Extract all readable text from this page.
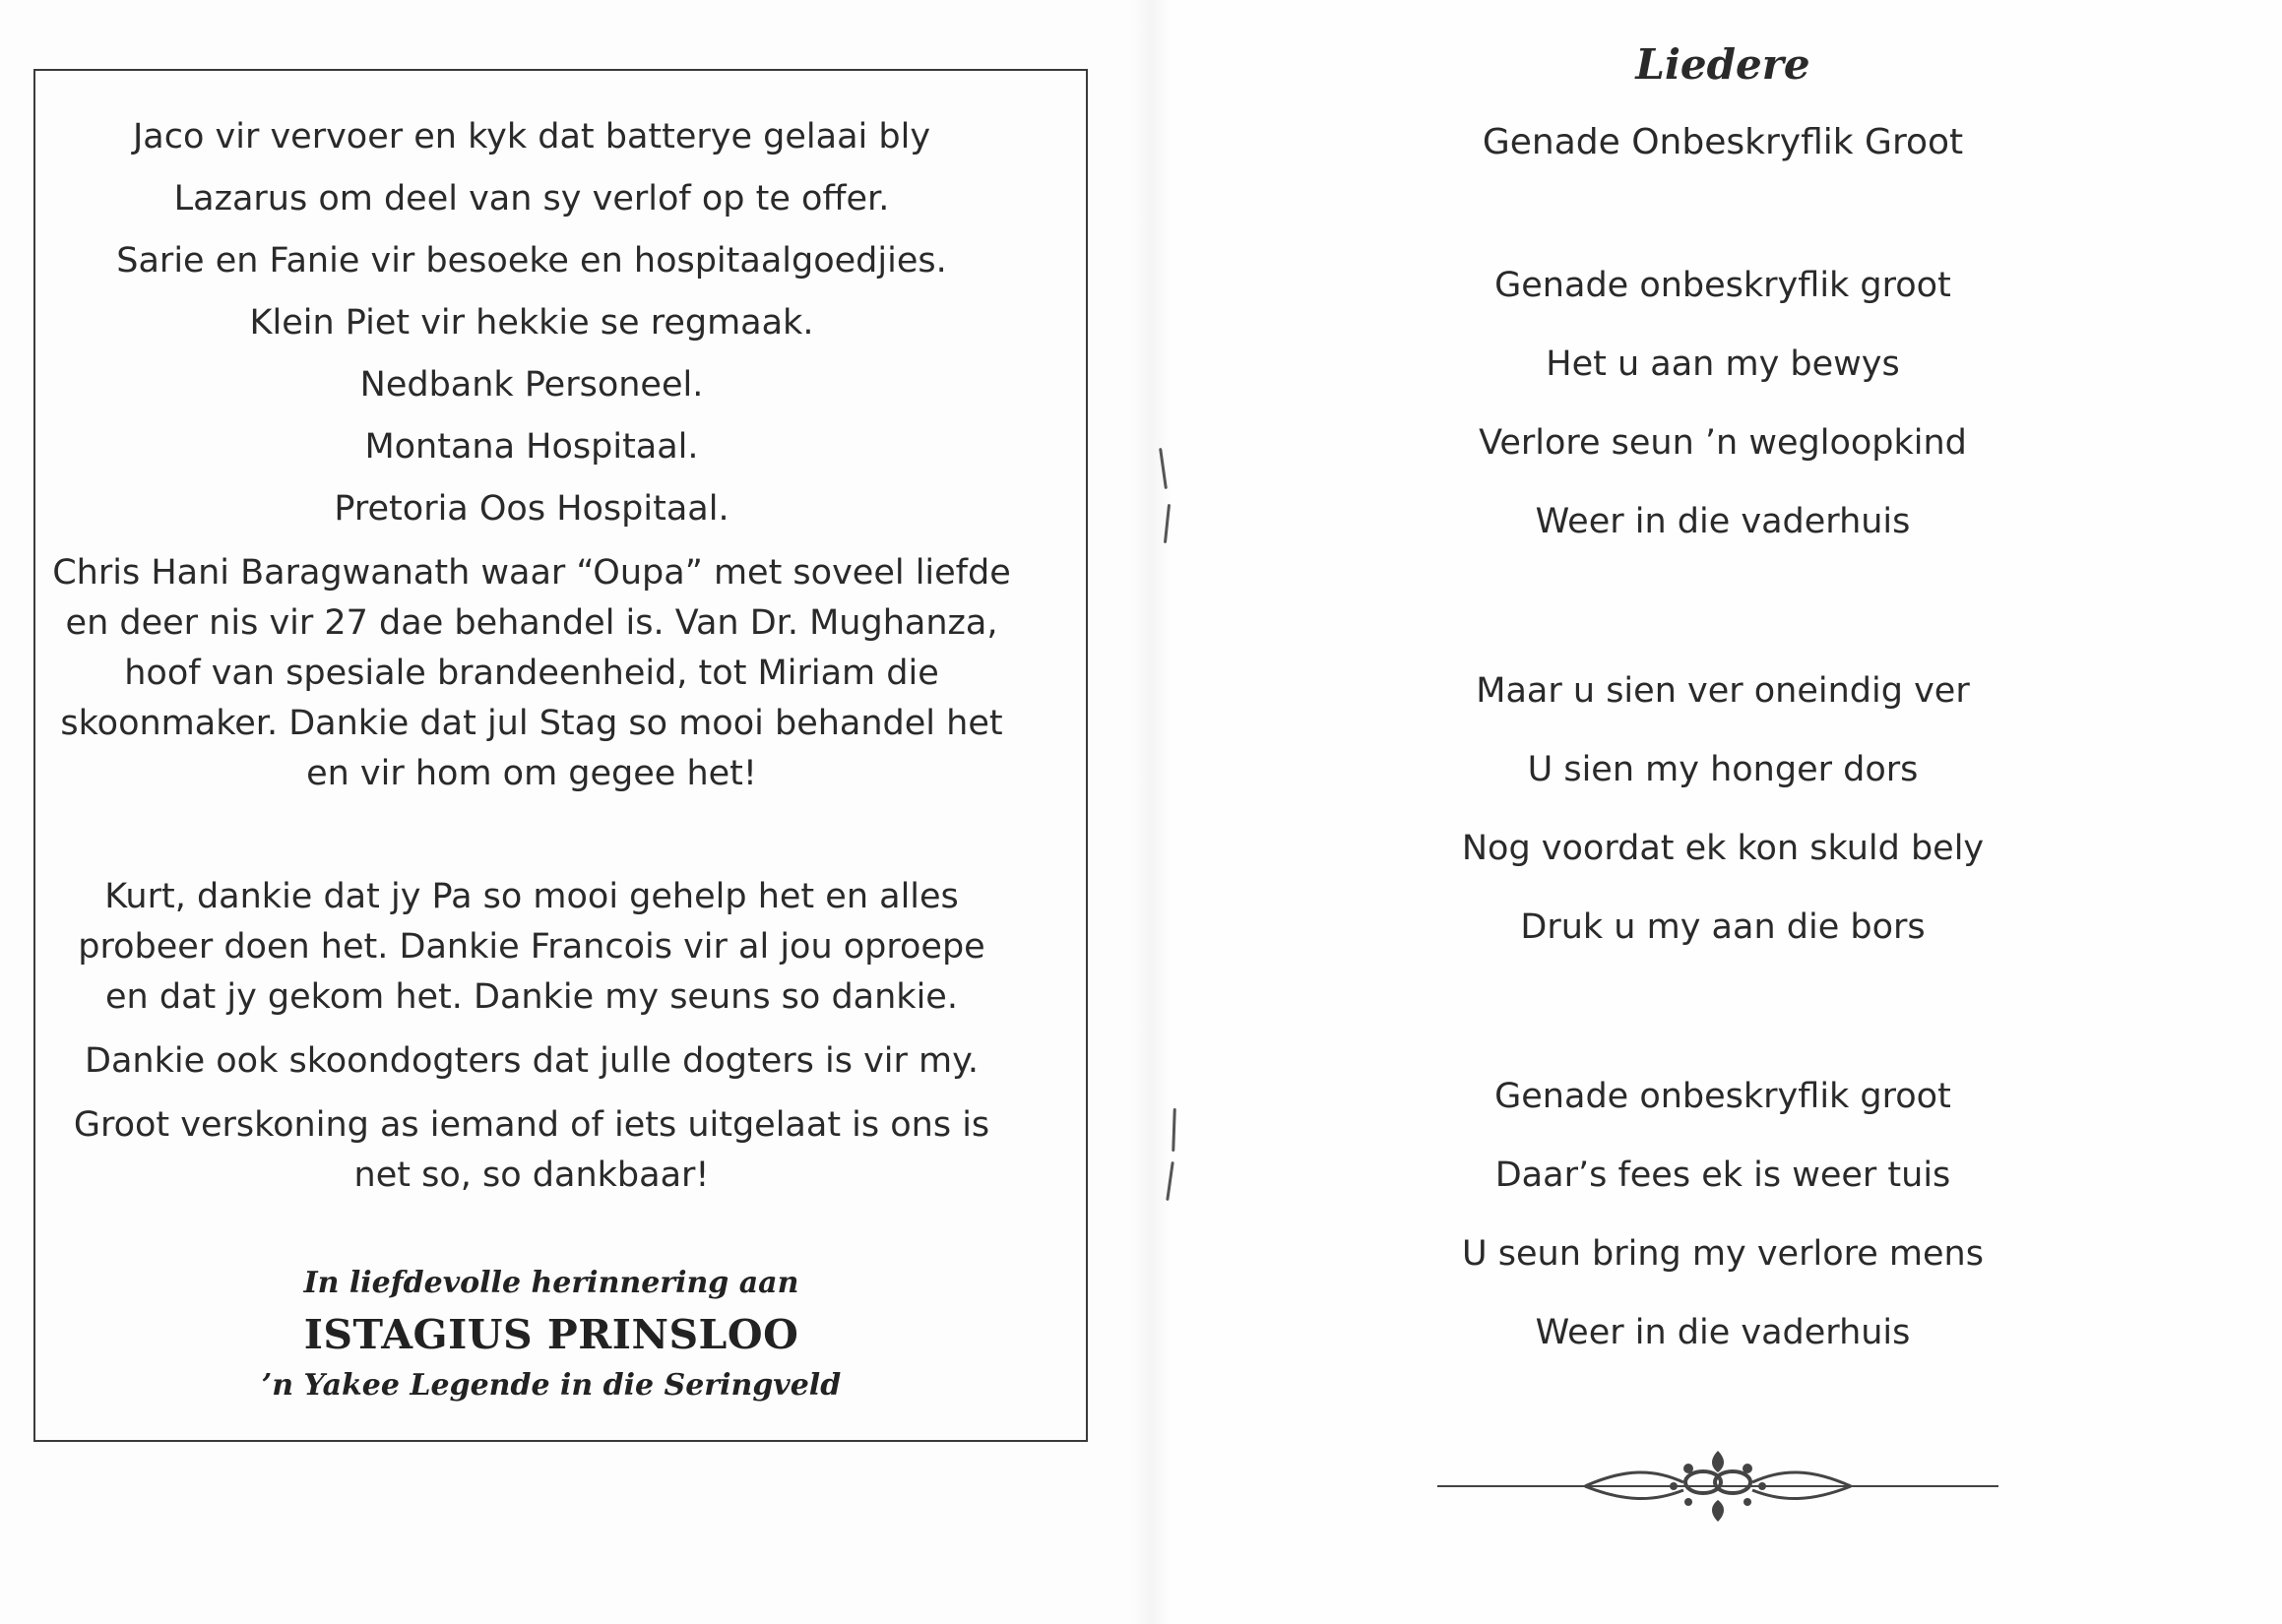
Jaco vir vervoer en kyk dat batterye gelaai bly

Lazarus om deel van sy verlof op te offer.

Sarie en Fanie vir besoeke en hospitaalgoedjies.

Klein Piet vir hekkie se regmaak.

Nedbank Personeel.

Montana Hospitaal.

Pretoria Oos Hospitaal.

Chris Hani Baragwanath waar “Oupa” met soveel liefde en deer nis vir 27 dae behandel is. Van Dr. Mughanza, hoof van spesiale brandeenheid, tot Miriam die skoonmaker. Dankie dat jul Stag so mooi behandel het en vir hom om gegee het!

Kurt, dankie dat jy Pa so mooi gehelp het en alles probeer doen het. Dankie Francois vir al jou oproepe en dat jy gekom het. Dankie my seuns so dankie.

Dankie ook skoondogters dat julle dogters is vir my.

Groot verskoning as iemand of iets uitgelaat is ons is net so, so dankbaar!

In liefdevolle herinnering aan
ISTAGIUS PRINSLOO
’n Yakee Legende in die Seringveld
Liedere
Genade Onbeskryflik Groot
Genade onbeskryflik groot
Het u aan my bewys
Verlore seun ’n wegloopkind
Weer in die vaderhuis
Maar u sien ver oneindig ver
U sien my honger dors
Nog voordat ek kon skuld bely
Druk u my aan die bors
Genade onbeskryflik groot
Daar’s fees ek is weer tuis
U seun bring my verlore mens
Weer in die vaderhuis
